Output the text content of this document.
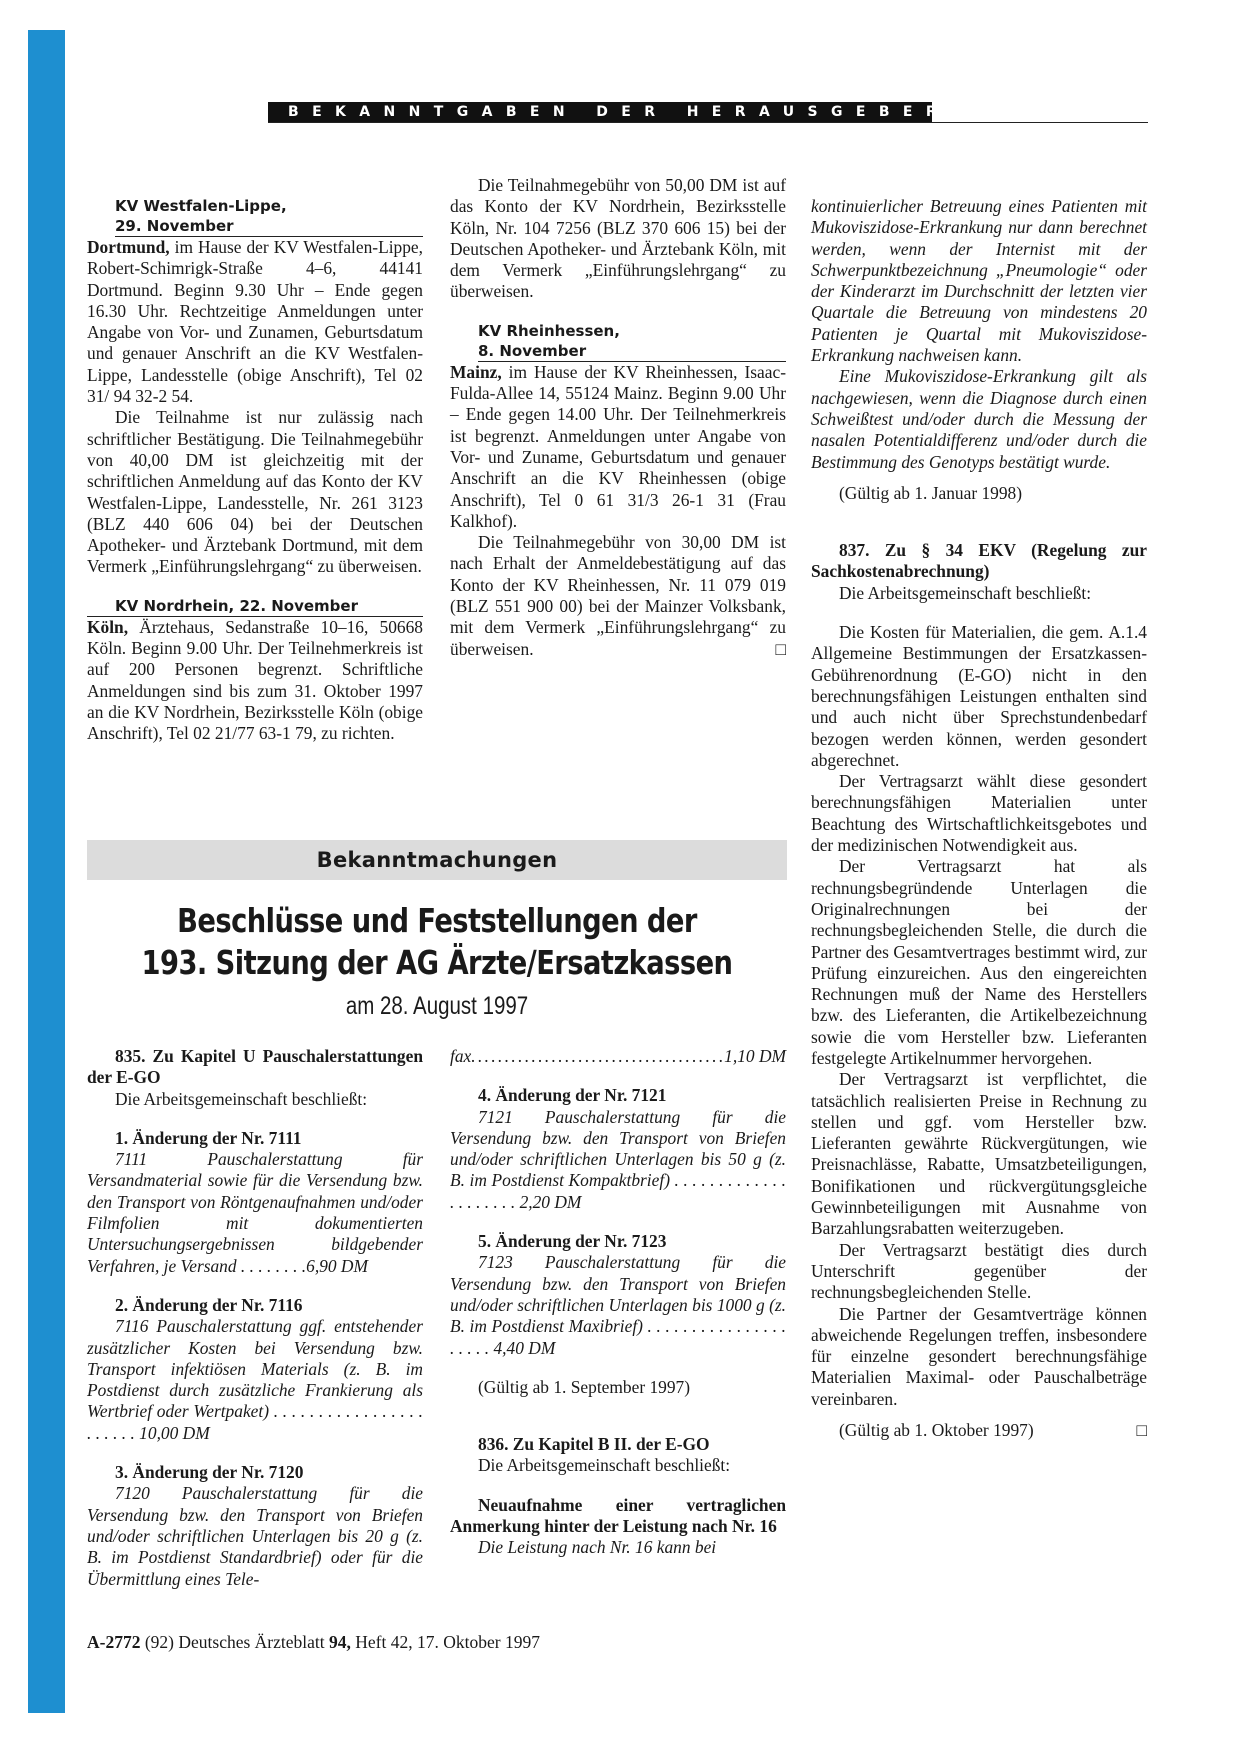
BEKANNTGABEN DER HERAUSGEBER

KV Westfalen-Lippe,
29. November

Dortmund, im Hause der KV Westfalen-Lippe, Robert-Schimrigk-Straße 4–6, 44141 Dortmund. Beginn 9.30 Uhr – Ende gegen 16.30 Uhr. Rechtzeitige Anmeldungen unter Angabe von Vor- und Zunamen, Geburtsdatum und genauer Anschrift an die KV Westfalen-Lippe, Landesstelle (obige Anschrift), Tel 02 31/ 94 32-2 54.

Die Teilnahme ist nur zulässig nach schriftlicher Bestätigung. Die Teilnahmegebühr von 40,00 DM ist gleichzeitig mit der schriftlichen Anmeldung auf das Konto der KV Westfalen-Lippe, Landesstelle, Nr. 261 3123 (BLZ 440 606 04) bei der Deutschen Apotheker- und Ärztebank Dortmund, mit dem Vermerk „Einführungslehrgang“ zu überweisen.

KV Nordrhein, 22. November

Köln, Ärztehaus, Sedanstraße 10–16, 50668 Köln. Beginn 9.00 Uhr. Der Teilnehmerkreis ist auf 200 Personen begrenzt. Schriftliche Anmeldungen sind bis zum 31. Oktober 1997 an die KV Nordrhein, Bezirksstelle Köln (obige Anschrift), Tel 02 21/77 63-1 79, zu richten.

Die Teilnahmegebühr von 50,00 DM ist auf das Konto der KV Nordrhein, Bezirksstelle Köln, Nr. 104 7256 (BLZ 370 606 15) bei der Deutschen Apotheker- und Ärztebank Köln, mit dem Vermerk „Einführungslehrgang“ zu überweisen.

KV Rheinhessen,
8. November

Mainz, im Hause der KV Rheinhessen, Isaac-Fulda-Allee 14, 55124 Mainz. Beginn 9.00 Uhr – Ende gegen 14.00 Uhr. Der Teilnehmerkreis ist begrenzt. Anmeldungen unter Angabe von Vor- und Zuname, Geburtsdatum und genauer Anschrift an die KV Rheinhessen (obige Anschrift), Tel 0 61 31/3 26-1 31 (Frau Kalkhof).

Die Teilnahmegebühr von 30,00 DM ist nach Erhalt der Anmeldebestätigung auf das Konto der KV Rheinhessen, Nr. 11 079 019 (BLZ 551 900 00) bei der Mainzer Volksbank, mit dem Vermerk „Einführungslehrgang“ zu überweisen.	□

kontinuierlicher Betreuung eines Patienten mit Mukoviszidose-Erkrankung nur dann berechnet werden, wenn der Internist mit der Schwerpunktbezeichnung „Pneumologie“ oder der Kinderarzt im Durchschnitt der letzten vier Quartale die Betreuung von mindestens 20 Patienten je Quartal mit Mukoviszidose-Erkrankung nachweisen kann.

Eine Mukoviszidose-Erkrankung gilt als nachgewiesen, wenn die Diagnose durch einen Schweißtest und/oder durch die Messung der nasalen Potentialdifferenz und/oder durch die Bestimmung des Genotyps bestätigt wurde.

(Gültig ab 1. Januar 1998)

837. Zu § 34 EKV (Regelung zur Sachkostenabrechnung)

Die Arbeitsgemeinschaft beschließt:

Die Kosten für Materialien, die gem. A.1.4 Allgemeine Bestimmungen der Ersatzkassen-Gebührenordnung (E-GO) nicht in den berechnungsfähigen Leistungen enthalten sind und auch nicht über Sprechstundenbedarf bezogen werden können, werden gesondert abgerechnet.

Der Vertragsarzt wählt diese gesondert berechnungsfähigen Materialien unter Beachtung des Wirtschaftlichkeitsgebotes und der medizinischen Notwendigkeit aus.

Der Vertragsarzt hat als rechnungsbegründende Unterlagen die Originalrechnungen bei der rechnungsbegleichenden Stelle, die durch die Partner des Gesamtvertrages bestimmt wird, zur Prüfung einzureichen. Aus den eingereichten Rechnungen muß der Name des Herstellers bzw. des Lieferanten, die Artikelbezeichnung sowie die vom Hersteller bzw. Lieferanten festgelegte Artikelnummer hervorgehen.

Der Vertragsarzt ist verpflichtet, die tatsächlich realisierten Preise in Rechnung zu stellen und ggf. vom Hersteller bzw. Lieferanten gewährte Rückvergütungen, wie Preisnachlässe, Rabatte, Umsatzbeteiligungen, Bonifikationen und rückvergütungsgleiche Gewinnbeteiligungen mit Ausnahme von Barzahlungsrabatten weiterzugeben.

Der Vertragsarzt bestätigt dies durch Unterschrift gegenüber der rechnungsbegleichenden Stelle.

Die Partner der Gesamtverträge können abweichende Regelungen treffen, insbesondere für einzelne gesondert berechnungsfähige Materialien Maximal- oder Pauschalbeträge vereinbaren.

(Gültig ab 1. Oktober 1997)	□

Bekanntmachungen
Beschlüsse und Feststellungen der
193. Sitzung der AG Ärzte/Ersatzkassen
am 28. August 1997

835. Zu Kapitel U Pauschalerstattungen der E-GO

Die Arbeitsgemeinschaft beschließt:

1. Änderung der Nr. 7111

7111 Pauschalerstattung für Versandmaterial sowie für die Versendung bzw. den Transport von Röntgenaufnahmen und/oder Filmfolien mit dokumentierten Untersuchungsergebnissen bildgebender Verfahren, je Versand . . . . . . . .6,90 DM

2. Änderung der Nr. 7116

7116 Pauschalerstattung ggf. entstehender zusätzlicher Kosten bei Versendung bzw. Transport infektiösen Materials (z. B. im Postdienst durch zusätzliche Frankierung als Wertbrief oder Wertpaket) . . . . . . . . . . . . . . . . . . . . . . . 10,00 DM

3. Änderung der Nr. 7120

7120 Pauschalerstattung für die Versendung bzw. den Transport von Briefen und/oder schriftlichen Unterlagen bis 20 g (z. B. im Postdienst Standardbrief) oder für die Übermittlung eines Tele-

fax
. . .	1,10 DM

4. Änderung der Nr. 7121

7121 Pauschalerstattung für die Versendung bzw. den Transport von Briefen und/oder schriftlichen Unterlagen bis 50 g (z. B. im Postdienst Kompaktbrief) . . . . . . . . . . . . . . . . . . . . . 2,20 DM

5. Änderung der Nr. 7123

7123 Pauschalerstattung für die Versendung bzw. den Transport von Briefen und/oder schriftlichen Unterlagen bis 1000 g (z. B. im Postdienst Maxibrief) . . . . . . . . . . . . . . . . . . . . . 4,40 DM

(Gültig ab 1. September 1997)

836. Zu Kapitel B II. der E-GO

Die Arbeitsgemeinschaft beschließt:

Neuaufnahme einer vertraglichen Anmerkung hinter der Leistung nach Nr. 16

Die Leistung nach Nr. 16 kann bei

A-2772 (92) Deutsches Ärzteblatt 94, Heft 42, 17. Oktober 1997
